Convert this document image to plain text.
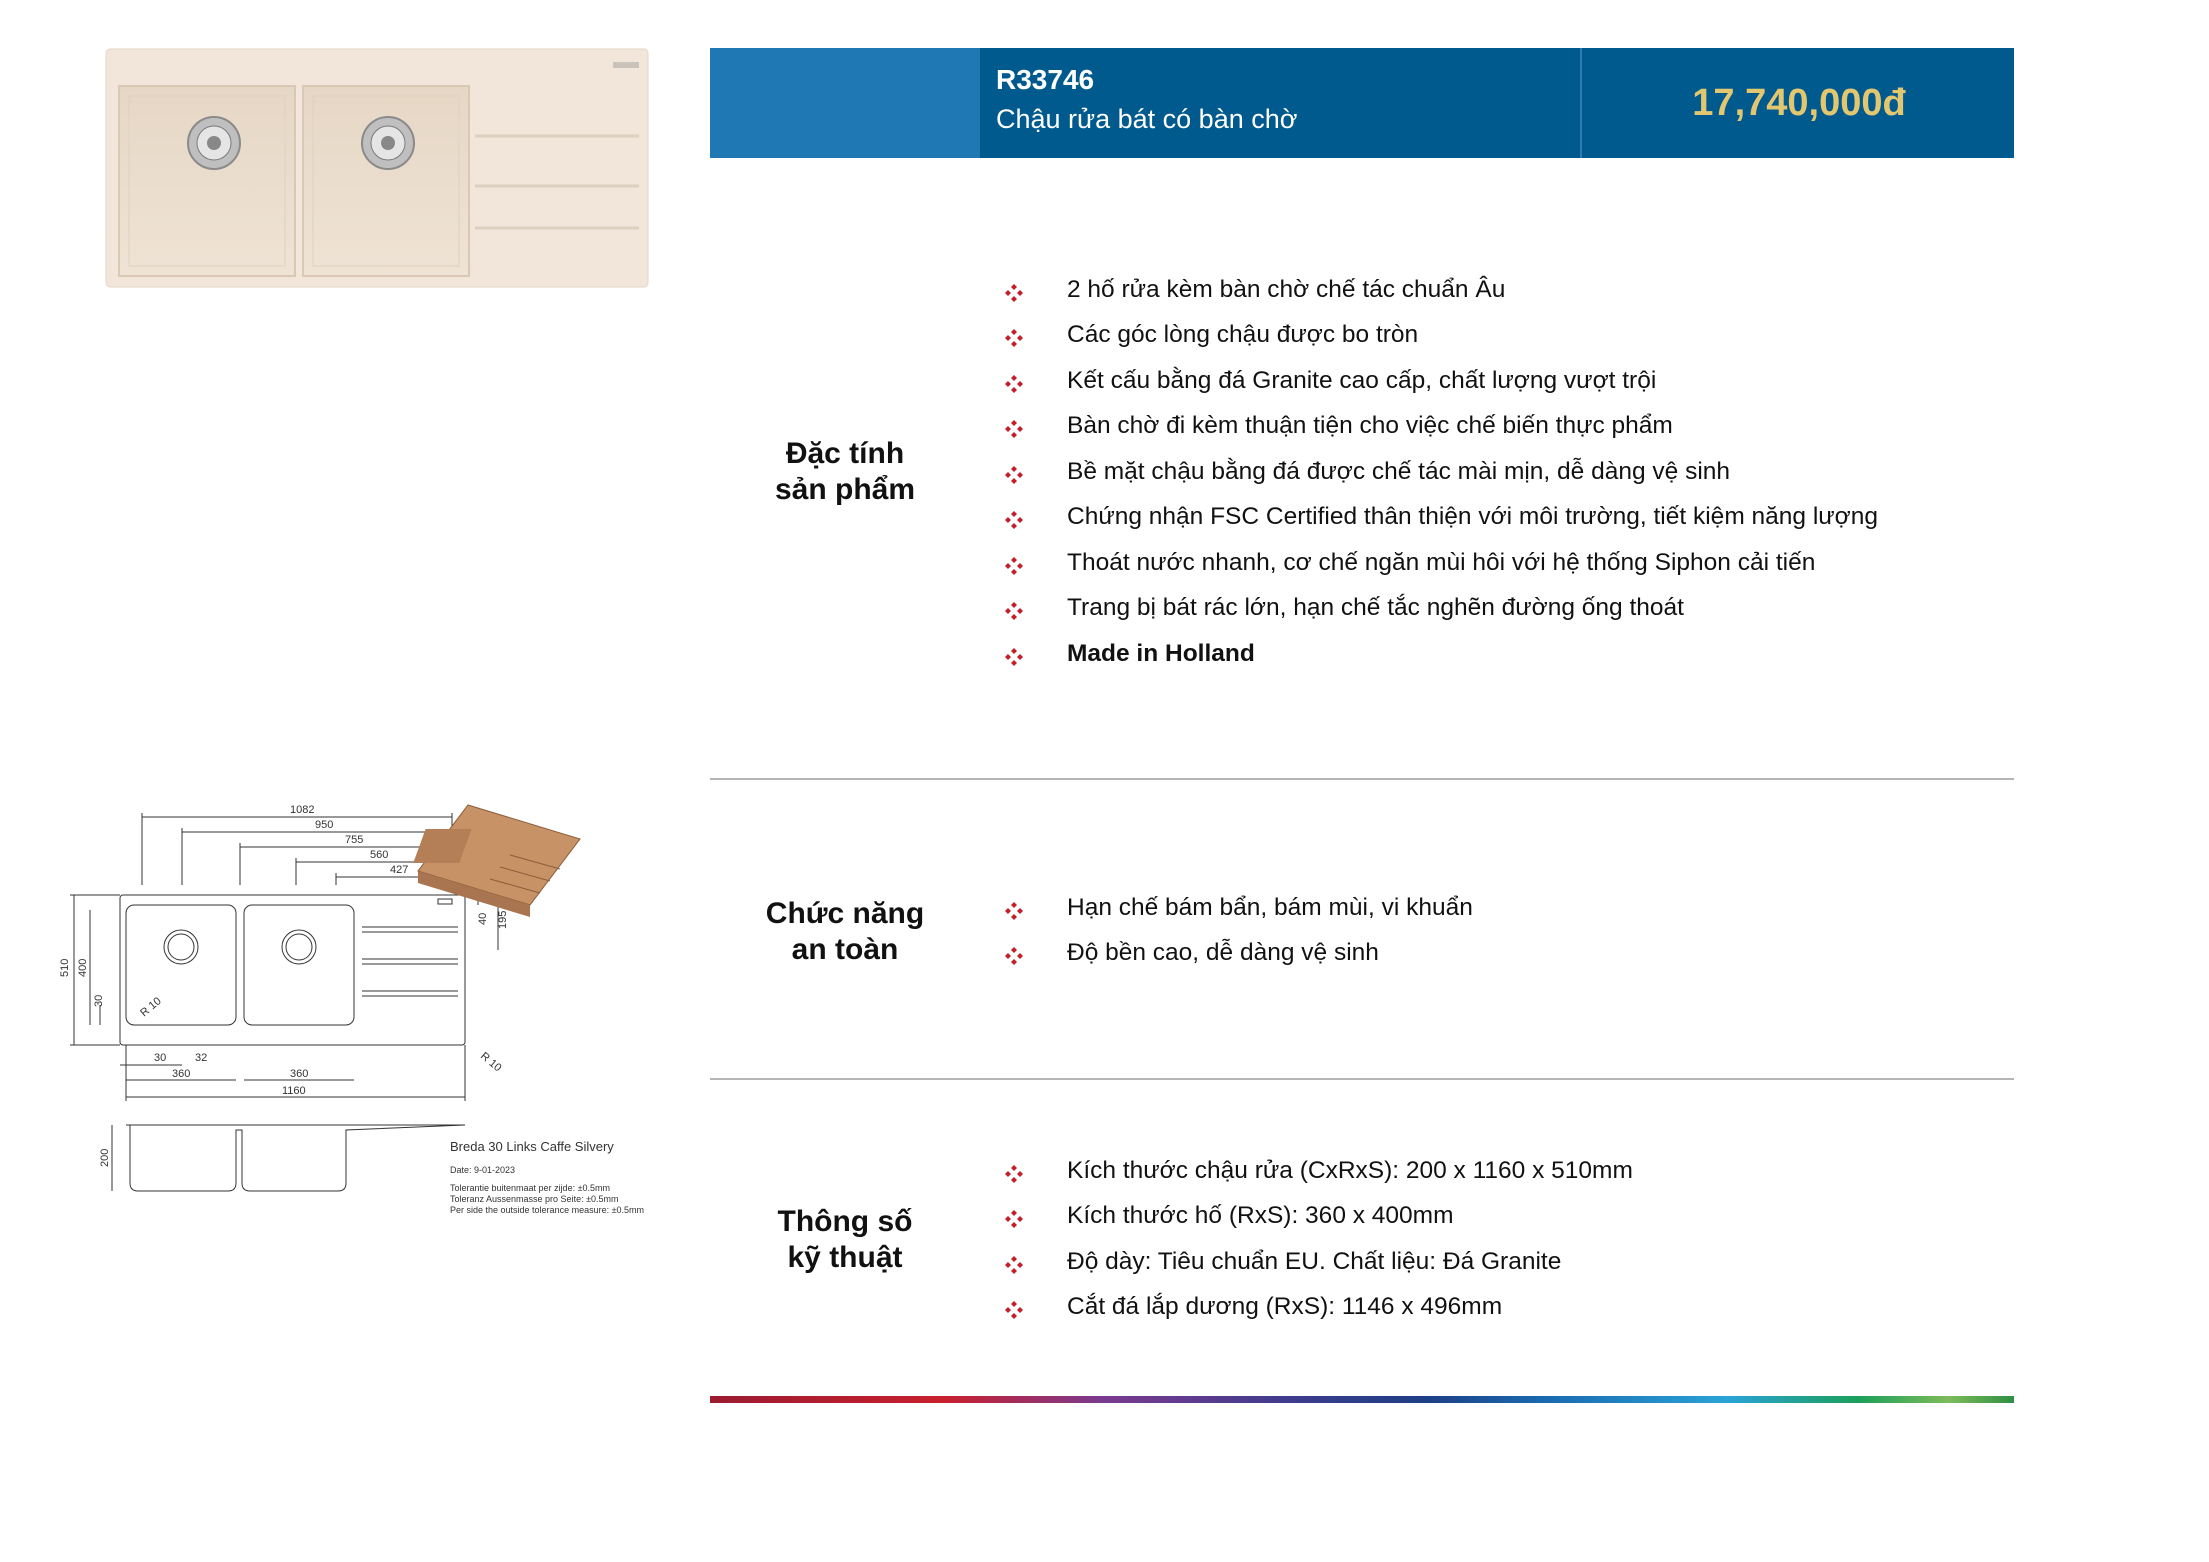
R33746
Chậu rửa bát có bàn chờ	17,740,000đ
Đặc tính
sản phẩm
2 hố rửa kèm bàn chờ chế tác chuẩn Âu
Các góc lòng chậu được bo tròn
Kết cấu bằng đá Granite cao cấp, chất lượng vượt trội
Bàn chờ đi kèm thuận tiện cho việc chế biến thực phẩm
Bề mặt chậu bằng đá được chế tác mài mịn, dễ dàng vệ sinh
Chứng nhận FSC Certified thân thiện với môi trường, tiết kiệm năng lượng
Thoát nước nhanh, cơ chế ngăn mùi hôi với hệ thống Siphon cải tiến
Trang bị bát rác lớn, hạn chế tắc nghẽn đường ống thoát
Made in Holland
Chức năng
an toàn
Hạn chế bám bẩn, bám mùi, vi khuẩn
Độ bền cao, dễ dàng vệ sinh
Thông số
kỹ thuật
Kích thước chậu rửa (CxRxS): 200 x 1160 x 510mm
Kích thước hố (RxS): 360 x 400mm
Độ dày: Tiêu chuẩn EU. Chất liệu: Đá Granite
Cắt đá lắp dương (RxS): 1146 x 496mm
1082
950
755
560
427
510 400
30
40 195
30	32
360	360
1160
R 10
R 10
200
Breda 30 Links Caffe Silvery
Date: 9-01-2023
Tolerantie buitenmaat per zijde: ±0.5mm
Toleranz Aussenmasse pro Seite: ±0.5mm
Per side the outside tolerance measure: ±0.5mm
